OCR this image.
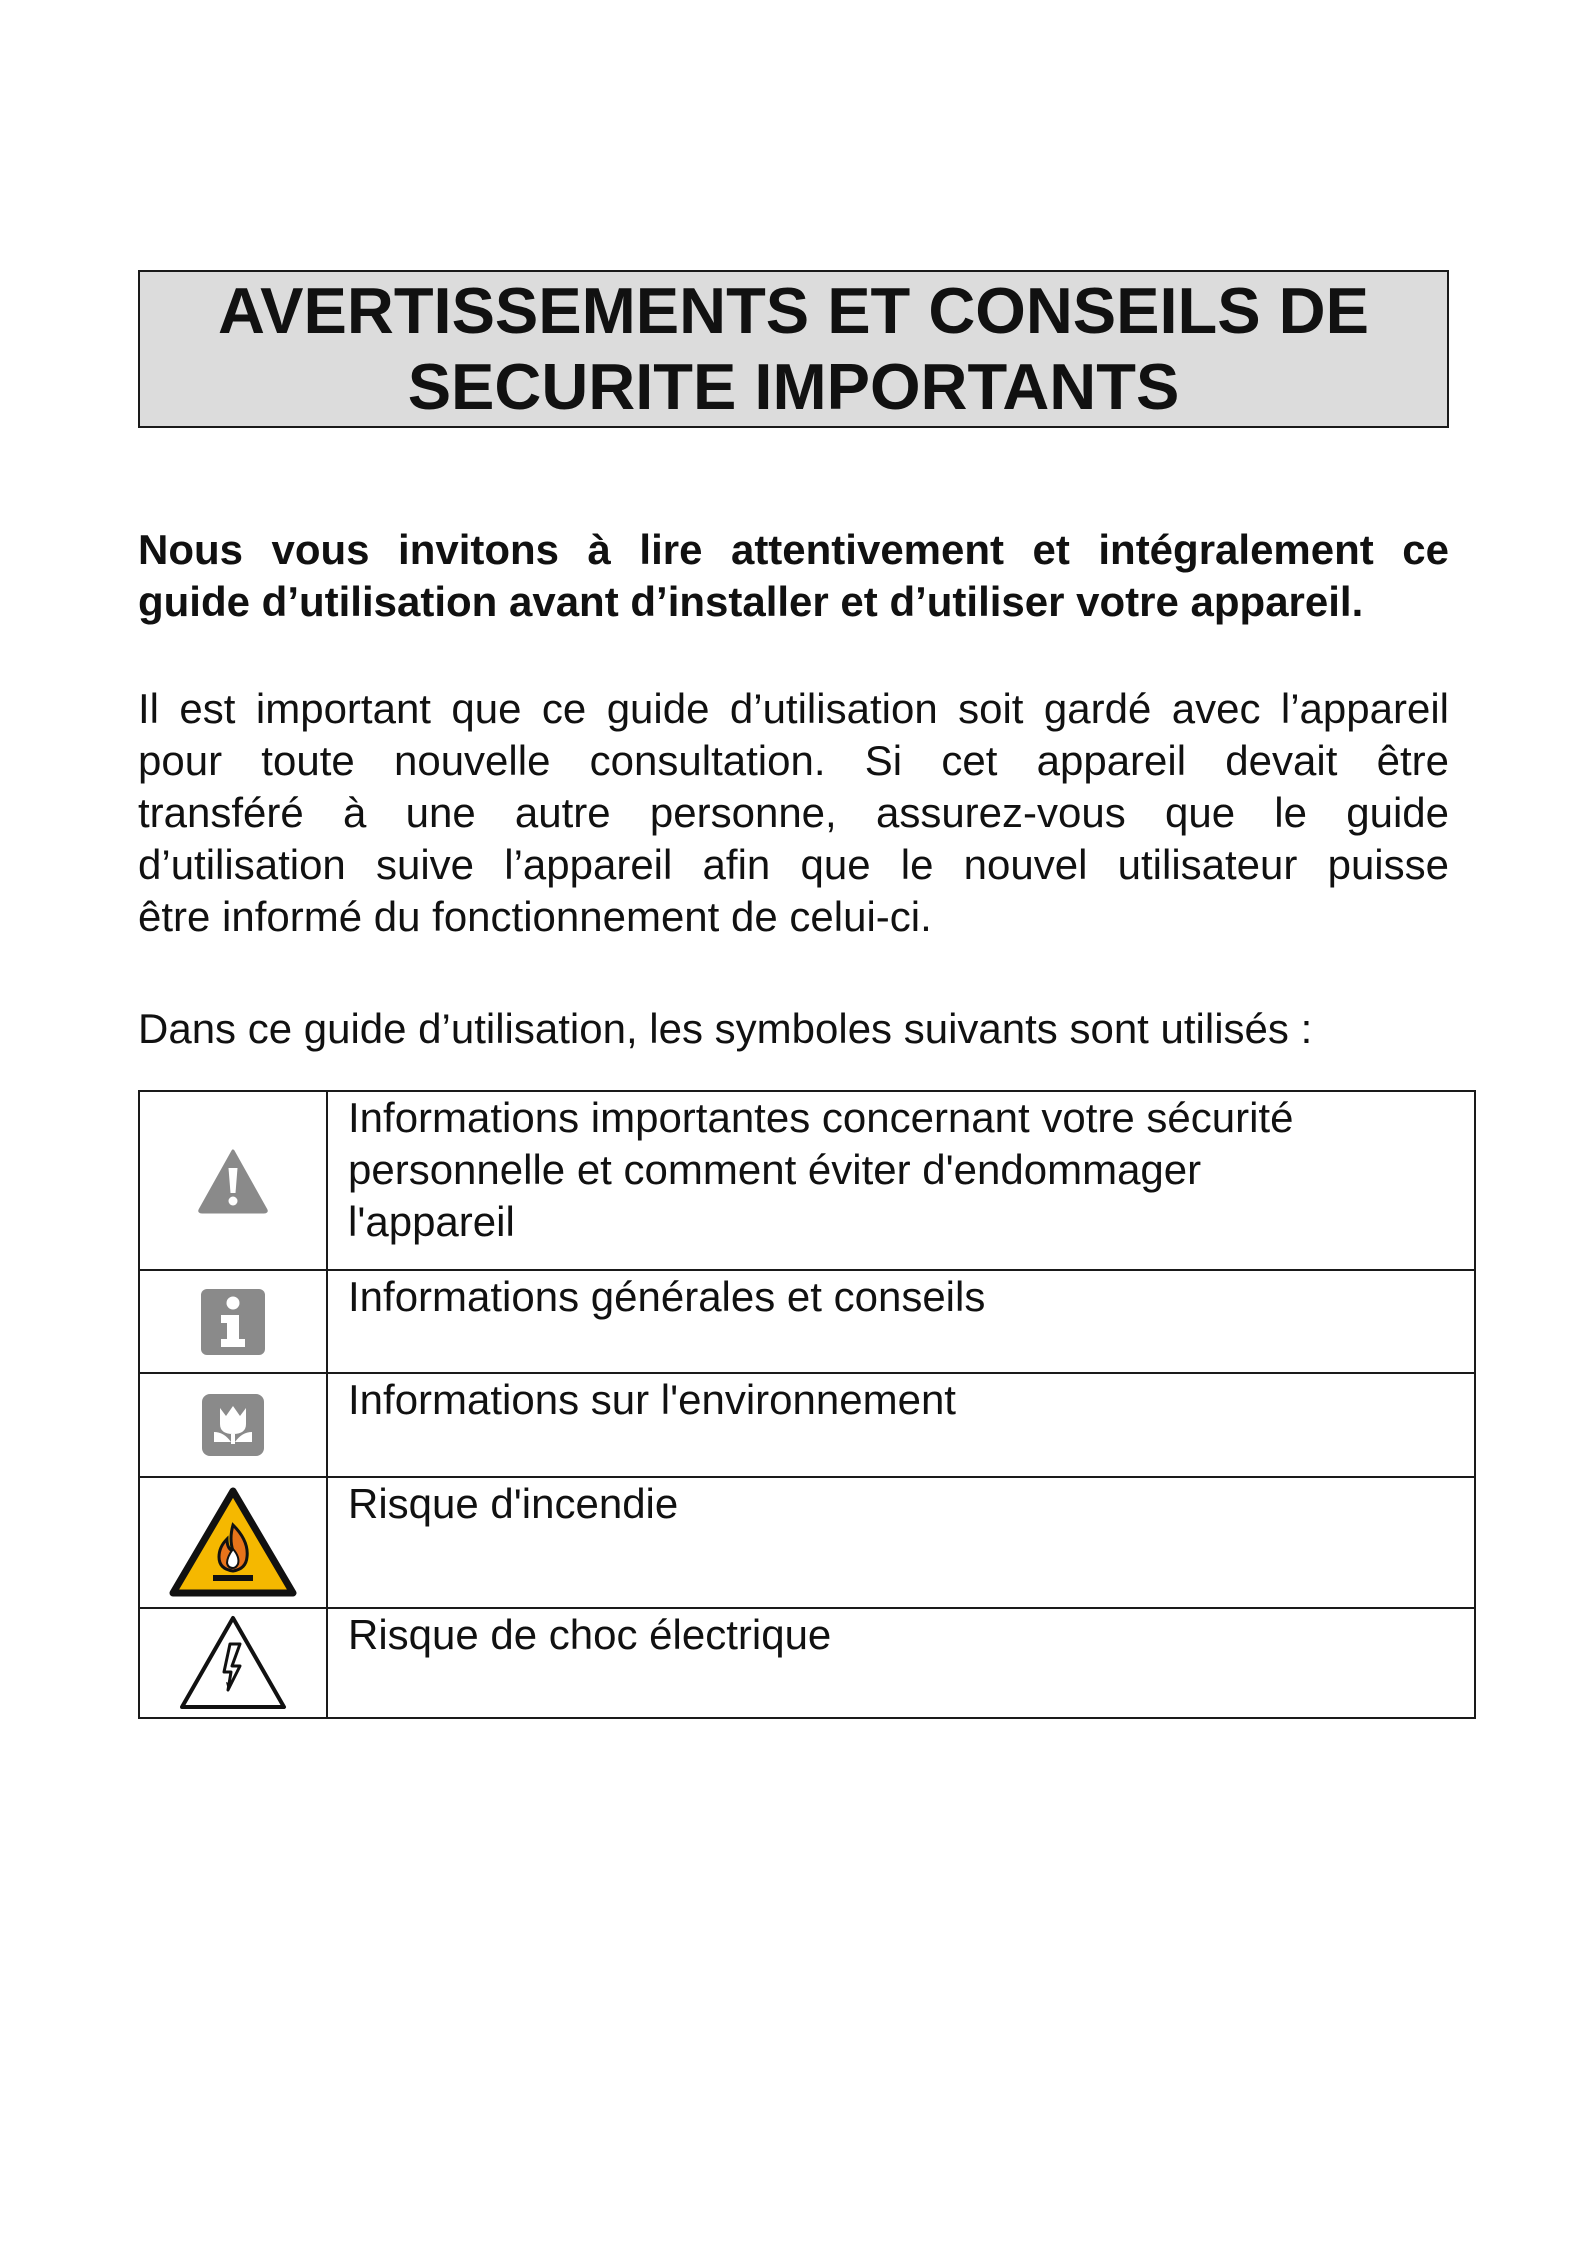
AVERTISSEMENTS ET CONSEILS DE
SECURITE IMPORTANTS

Nous vous invitons à lire attentivement et intégralement ce
guide d’utilisation avant d’installer et d’utiliser votre appareil.

Il est important que ce guide d’utilisation soit gardé avec l’appareil
pour toute nouvelle consultation. Si cet appareil devait être
transféré à une autre personne, assurez-vous que le guide
d’utilisation suive l’appareil afin que le nouvel utilisateur puisse
être informé du fonctionnement de celui-ci.

Dans ce guide d’utilisation, les symboles suivants sont utilisés :

Informations importantes concernant votre sécurité
personnelle et comment éviter d'endommager
l'appareil

Informations générales et conseils

Informations sur l'environnement

Risque d'incendie

Risque de choc électrique
